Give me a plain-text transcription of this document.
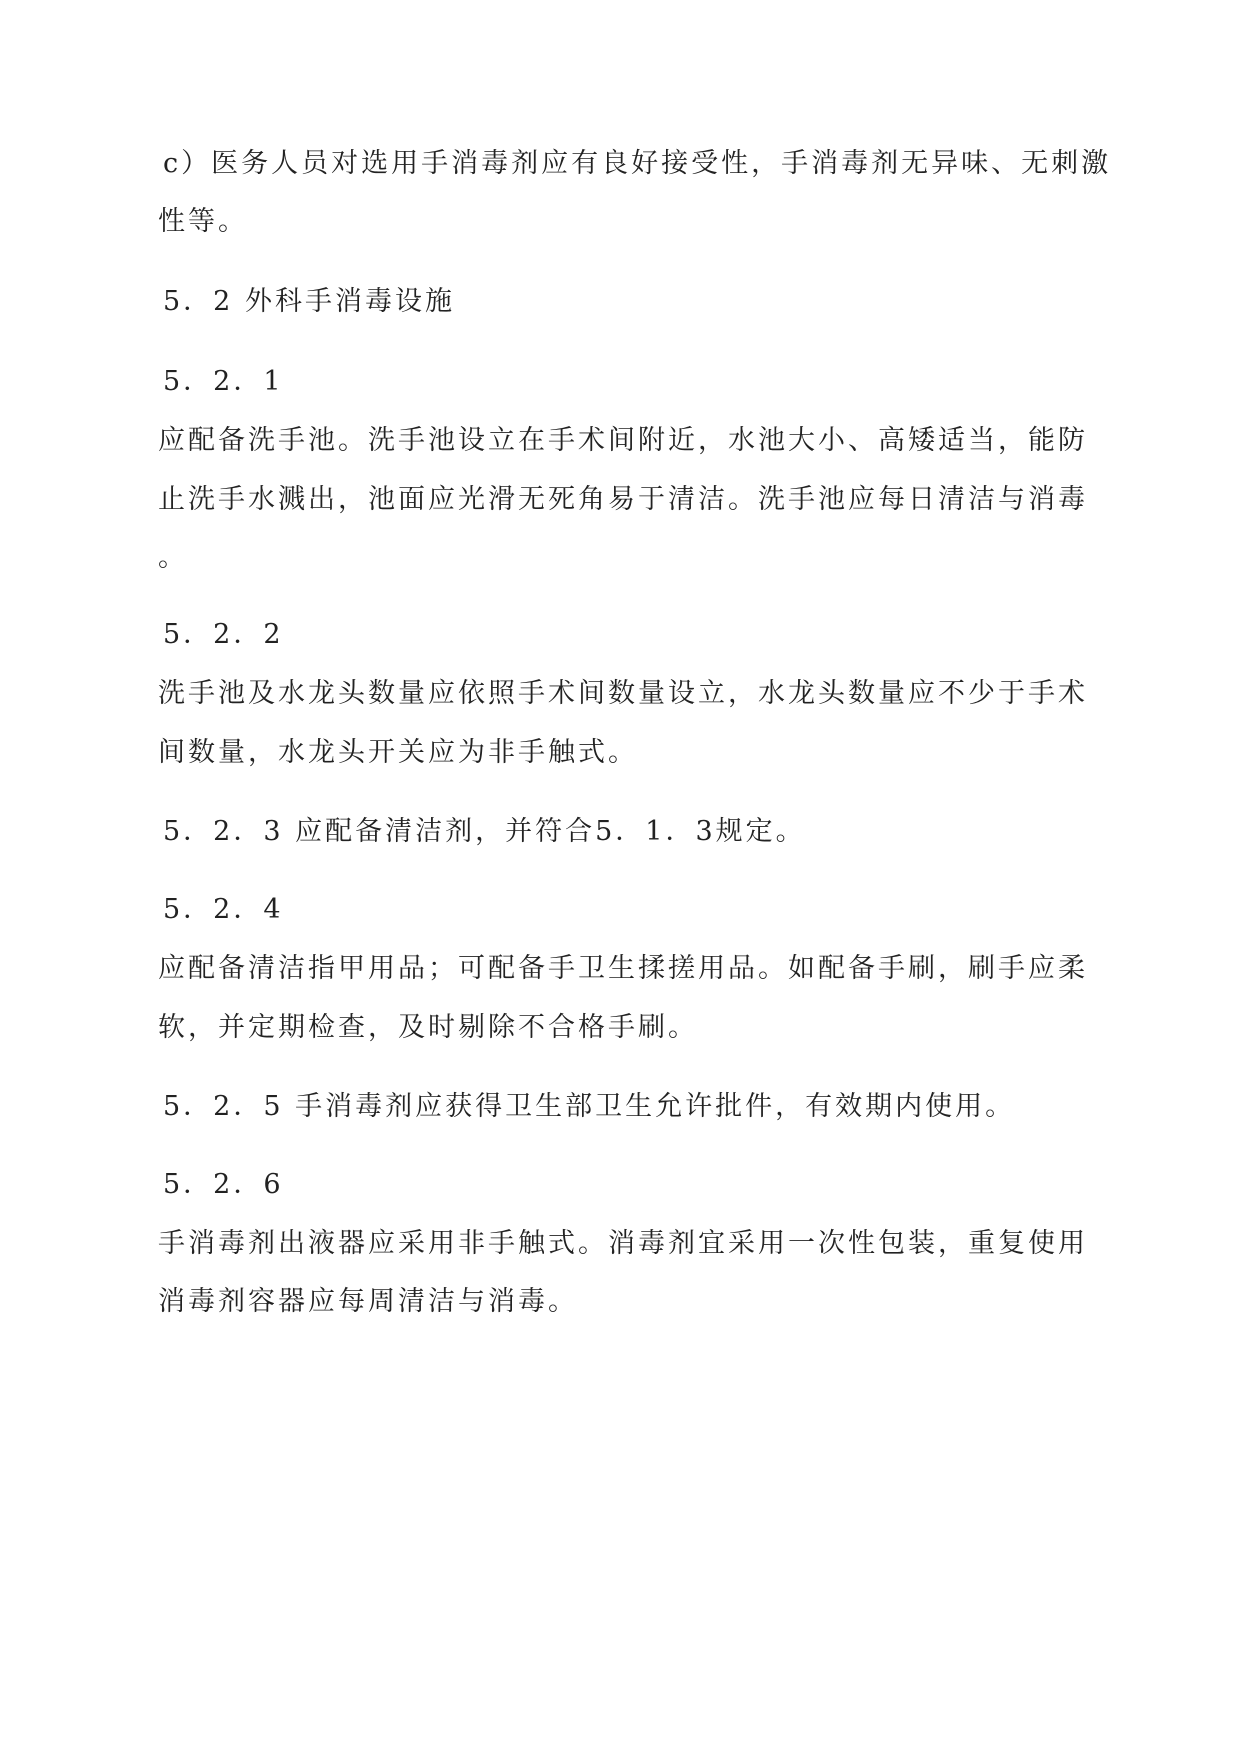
c）医务人员对选用手消毒剂应有良好接受性，手消毒剂无异味、无刺激
性等。
5．2 外科手消毒设施
5．2．1
应配备洗手池。洗手池设立在手术间附近，水池大小、高矮适当，能防
止洗手水溅出，池面应光滑无死角易于清洁。洗手池应每日清洁与消毒
。
5．2．2
洗手池及水龙头数量应依照手术间数量设立，水龙头数量应不少于手术
间数量，水龙头开关应为非手触式。
5．2．3 应配备清洁剂，并符合5．1．3规定。
5．2．4
应配备清洁指甲用品；可配备手卫生揉搓用品。如配备手刷，刷手应柔
软，并定期检查，及时剔除不合格手刷。
5．2．5 手消毒剂应获得卫生部卫生允许批件，有效期内使用。
5．2．6
手消毒剂出液器应采用非手触式。消毒剂宜采用一次性包装，重复使用
消毒剂容器应每周清洁与消毒。
